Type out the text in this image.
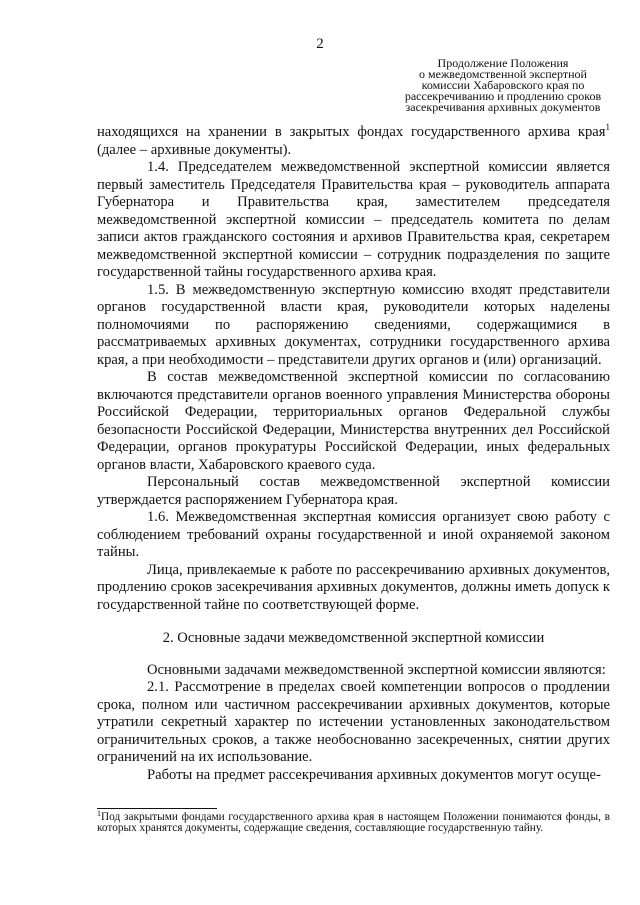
2
Продолжение Положения
о межведомственной экспертной
комиссии Хабаровского края по
рассекречиванию и продлению сроков
засекречивания архивных документов

находящихся на хранении в закрытых фондах государственного архива края$^1$ (далее – архивные документы).

1.4. Председателем межведомственной экспертной комиссии является первый заместитель Председателя Правительства края – руководитель аппарата Губернатора и Правительства края, заместителем председателя межведомственной экспертной комиссии – председатель комитета по делам записи актов гражданского состояния и архивов Правительства края, секретарем межведомственной экспертной комиссии – сотрудник подразделения по защите государственной тайны государственного архива края.

1.5. В межведомственную экспертную комиссию входят представители органов государственной власти края, руководители которых наделены полномочиями по распоряжению сведениями, содержащимися в рассматриваемых архивных документах, сотрудники государственного архива края, а при необходимости – представители других органов и (или) организаций.

В состав межведомственной экспертной комиссии по согласованию включаются представители органов военного управления Министерства обороны Российской Федерации, территориальных органов Федеральной службы безопасности Российской Федерации, Министерства внутренних дел Российской Федерации, органов прокуратуры Российской Федерации, иных федеральных органов власти, Хабаровского краевого суда.

Персональный состав межведомственной экспертной комиссии утверждается распоряжением Губернатора края.

1.6. Межведомственная экспертная комиссия организует свою работу с соблюдением требований охраны государственной и иной охраняемой законом тайны.

Лица, привлекаемые к работе по рассекречиванию архивных документов, продлению сроков засекречивания архивных документов, должны иметь допуск к государственной тайне по соответствующей форме.

2. Основные задачи межведомственной экспертной комиссии

Основными задачами межведомственной экспертной комиссии являются:

2.1. Рассмотрение в пределах своей компетенции вопросов о продлении срока, полном или частичном рассекречивании архивных документов, которые утратили секретный характер по истечении установленных законодательством ограничительных сроков, а также необоснованно засекреченных, снятии других ограничений на их использование.

Работы на предмет рассекречивания архивных документов могут осуще-

$^1$Под закрытыми фондами государственного архива края в настоящем Положении понимаются фонды, в которых хранятся документы, содержащие сведения, составляющие государственную тайну.
